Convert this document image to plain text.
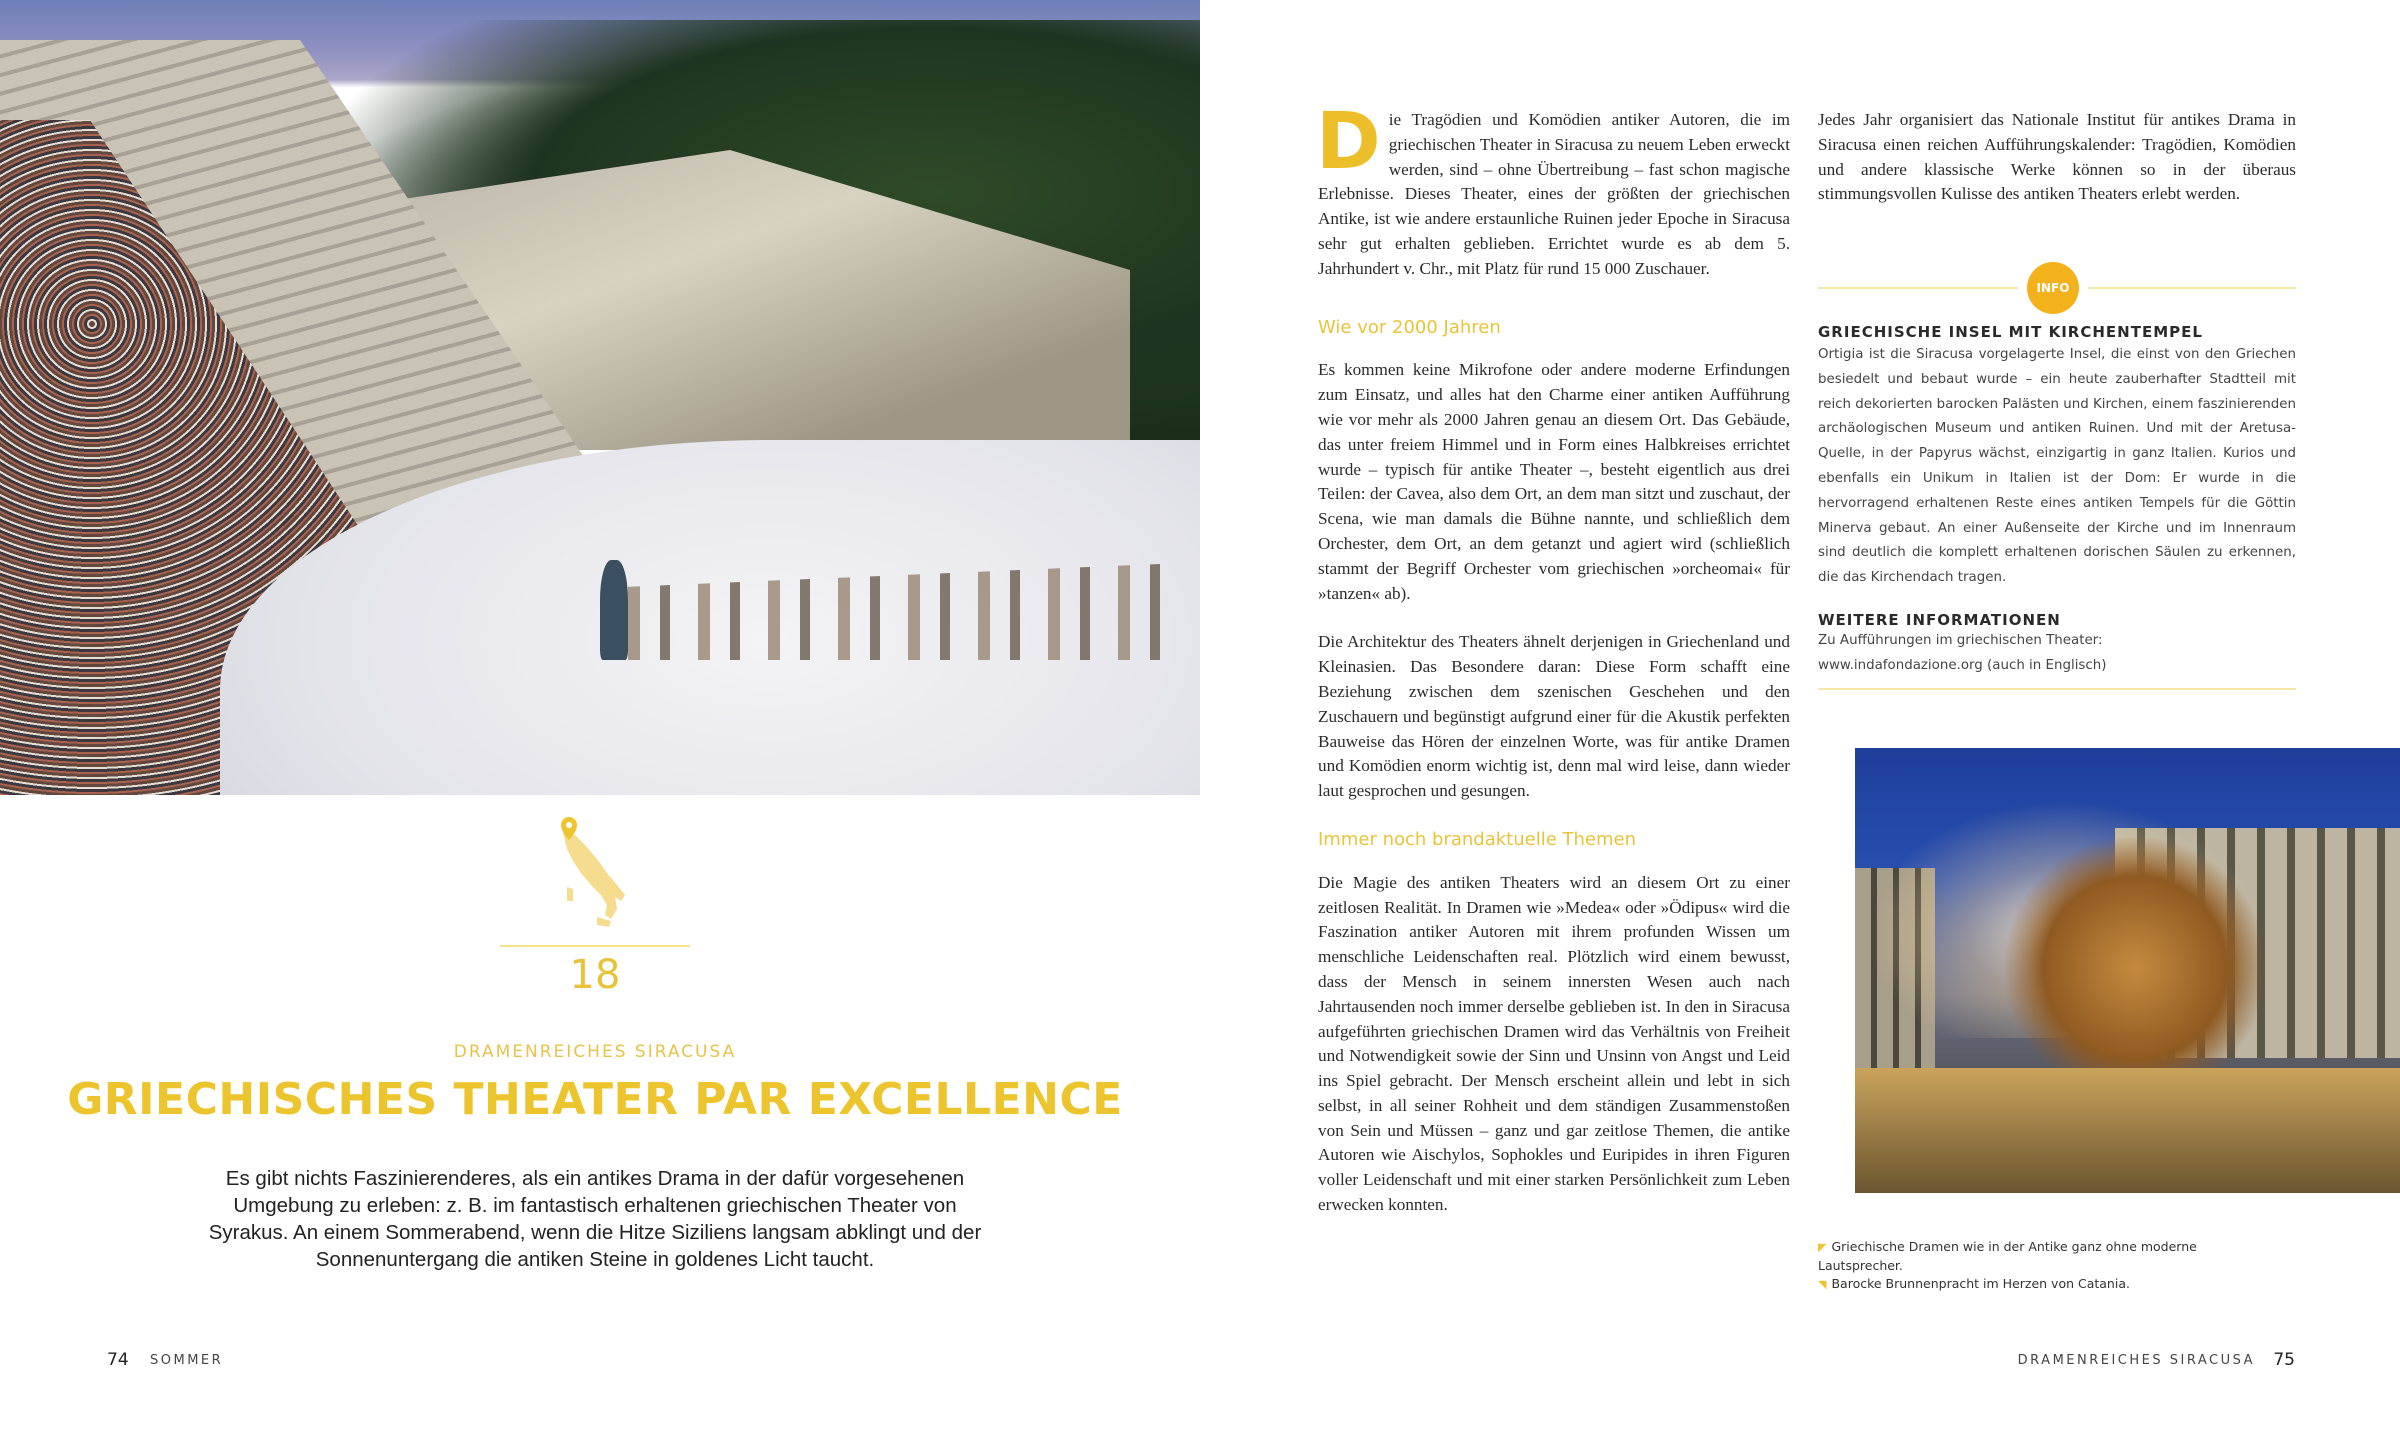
18
DRAMENREICHES SIRACUSA
GRIECHISCHES THEATER PAR EXCELLENCE
Es gibt nichts Faszinierenderes, als ein antikes Drama in der dafür vorgesehenen Umgebung zu erleben: z. B. im fantastisch erhaltenen griechischen Theater von Syrakus. An einem Sommerabend, wenn die Hitze Siziliens langsam abklingt und der Sonnenuntergang die antiken Steine in goldenes Licht taucht.
74 SOMMER

Die Tragödien und Komödien antiker Autoren, die im griechischen Theater in Siracusa zu neuem Leben erweckt werden, sind – ohne Übertreibung – fast schon magische Erlebnisse. Dieses Theater, eines der größten der griechischen Antike, ist wie andere erstaunliche Ruinen jeder Epoche in Siracusa sehr gut erhalten geblieben. Errichtet wurde es ab dem 5. Jahrhundert v. Chr., mit Platz für rund 15 000 Zuschauer.

Wie vor 2000 Jahren

Es kommen keine Mikrofone oder andere moderne Erfindungen zum Einsatz, und alles hat den Charme einer antiken Aufführung wie vor mehr als 2000 Jahren genau an diesem Ort. Das Gebäude, das unter freiem Himmel und in Form eines Halbkreises errichtet wurde – typisch für antike Theater –, besteht eigentlich aus drei Teilen: der Cavea, also dem Ort, an dem man sitzt und zuschaut, der Scena, wie man damals die Bühne nannte, und schließlich dem Orchester, dem Ort, an dem getanzt und agiert wird (schließlich stammt der Begriff Orchester vom griechischen »orcheomai« für »tanzen« ab).

Die Architektur des Theaters ähnelt derjenigen in Griechenland und Kleinasien. Das Besondere daran: Diese Form schafft eine Beziehung zwischen dem szenischen Geschehen und den Zuschauern und begünstigt aufgrund einer für die Akustik perfekten Bauweise das Hören der einzelnen Worte, was für antike Dramen und Komödien enorm wichtig ist, denn mal wird leise, dann wieder laut gesprochen und gesungen.

Immer noch brandaktuelle Themen

Die Magie des antiken Theaters wird an diesem Ort zu einer zeitlosen Realität. In Dramen wie »Medea« oder »Ödipus« wird die Faszination antiker Autoren mit ihrem profunden Wissen um menschliche Leidenschaften real. Plötzlich wird einem bewusst, dass der Mensch in seinem innersten Wesen auch nach Jahrtausenden noch immer derselbe geblieben ist. In den in Siracusa aufgeführten griechischen Dramen wird das Verhältnis von Freiheit und Notwendigkeit sowie der Sinn und Unsinn von Angst und Leid ins Spiel gebracht. Der Mensch erscheint allein und lebt in sich selbst, in all seiner Rohheit und dem ständigen Zusammenstoßen von Sein und Müssen – ganz und gar zeitlose Themen, die antike Autoren wie Aischylos, Sophokles und Euripides in ihren Figuren voller Leidenschaft und mit einer starken Persönlichkeit zum Leben erwecken konnten.

Jedes Jahr organisiert das Nationale Institut für antikes Drama in Siracusa einen reichen Aufführungskalender: Tragödien, Komödien und andere klassische Werke können so in der überaus stimmungsvollen Kulisse des antiken Theaters erlebt werden.

INFO
GRIECHISCHE INSEL MIT KIRCHENTEMPEL
Ortigia ist die Siracusa vorgelagerte Insel, die einst von den Griechen besiedelt und bebaut wurde – ein heute zauberhafter Stadtteil mit reich dekorierten barocken Palästen und Kirchen, einem faszinierenden archäologischen Museum und antiken Ruinen. Und mit der Aretusa-Quelle, in der Papyrus wächst, einzigartig in ganz Italien. Kurios und ebenfalls ein Unikum in Italien ist der Dom: Er wurde in die hervorragend erhaltenen Reste eines antiken Tempels für die Göttin Minerva gebaut. An einer Außenseite der Kirche und im Innenraum sind deutlich die komplett erhaltenen dorischen Säulen zu erkennen, die das Kirchendach tragen.
WEITERE INFORMATIONEN
Zu Aufführungen im griechischen Theater:
www.indafondazione.org (auch in Englisch)
◤ Griechische Dramen wie in der Antike ganz ohne moderne Lautsprecher.
◥ Barocke Brunnenpracht im Herzen von Catania.
DRAMENREICHES SIRACUSA 75
